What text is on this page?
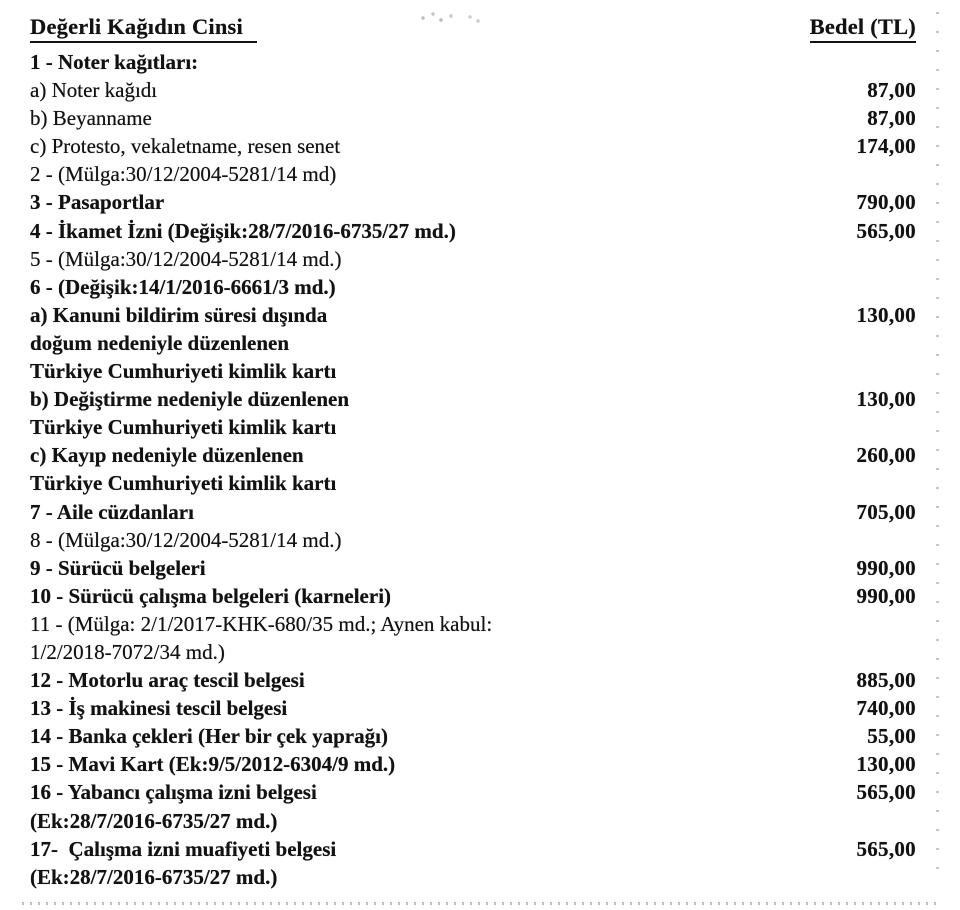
Değerli Kağıdın Cinsi	Bedel (TL)
1 - Noter kağıtları:
a) Noter kağıdı	87,00
b) Beyanname	87,00
c) Protesto, vekaletname, resen senet	174,00
2 - (Mülga:30/12/2004-5281/14 md)
3 - Pasaportlar	790,00
4 - İkamet İzni (Değişik:28/7/2016-6735/27 md.)	565,00
5 - (Mülga:30/12/2004-5281/14 md.)
6 - (Değişik:14/1/2016-6661/3 md.)
a) Kanuni bildirim süresi dışında	130,00
doğum nedeniyle düzenlenen
Türkiye Cumhuriyeti kimlik kartı
b) Değiştirme nedeniyle düzenlenen	130,00
Türkiye Cumhuriyeti kimlik kartı
c) Kayıp nedeniyle düzenlenen	260,00
Türkiye Cumhuriyeti kimlik kartı
7 - Aile cüzdanları	705,00
8 - (Mülga:30/12/2004-5281/14 md.)
9 - Sürücü belgeleri	990,00
10 - Sürücü çalışma belgeleri (karneleri)	990,00
11 - (Mülga: 2/1/2017-KHK-680/35 md.; Aynen kabul:
1/2/2018-7072/34 md.)
12 - Motorlu araç tescil belgesi	885,00
13 - İş makinesi tescil belgesi	740,00
14 - Banka çekleri (Her bir çek yaprağı)	55,00
15 - Mavi Kart (Ek:9/5/2012-6304/9 md.)	130,00
16 - Yabancı çalışma izni belgesi	565,00
(Ek:28/7/2016-6735/27 md.)
17-  Çalışma izni muafiyeti belgesi	565,00
(Ek:28/7/2016-6735/27 md.)
